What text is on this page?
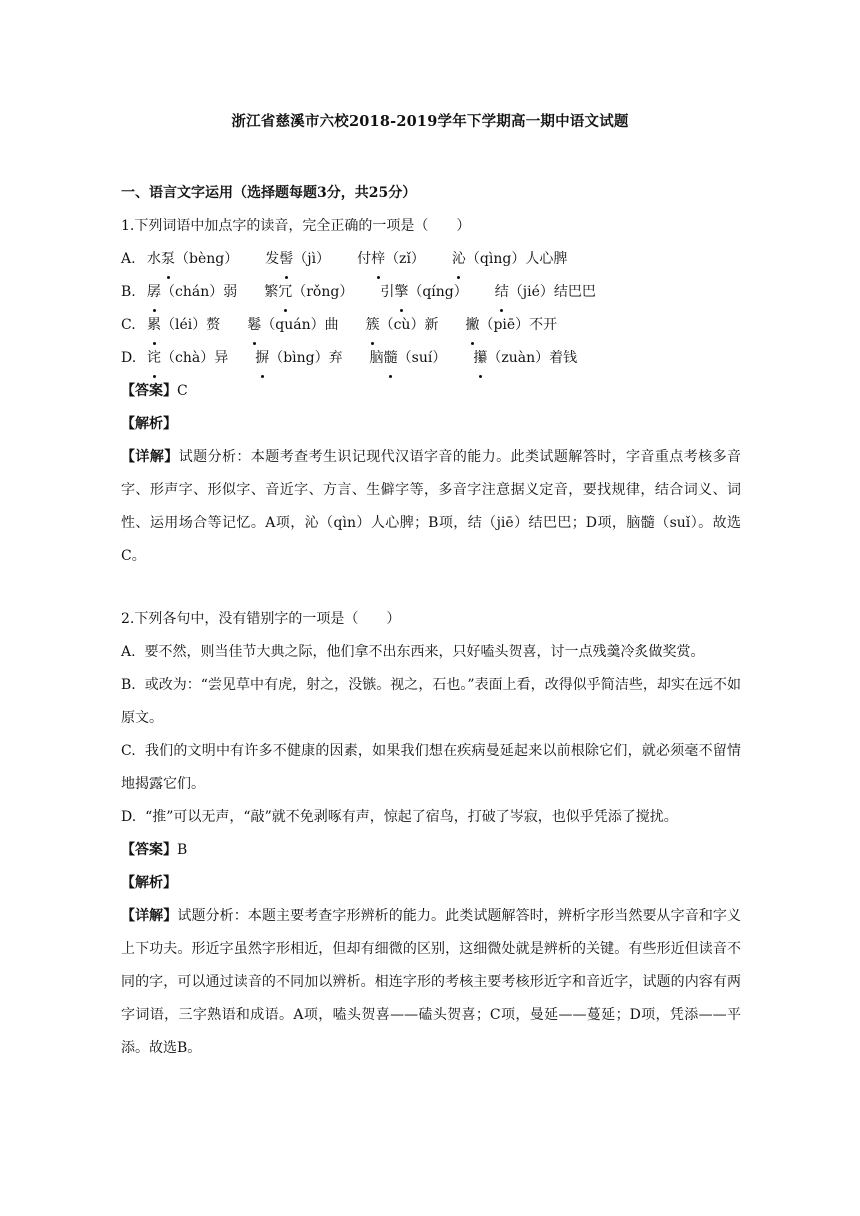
浙江省慈溪市六校2018-2019学年下学期高一期中语文试题

一、语言文字运用（选择题每题3分，共25分）

1.下列词语中加点字的读音，完全正确的一项是（　　）

A. 水泵（bèng） 发髻（jì） 付梓（zǐ） 沁（qìng）人心脾
B. 孱（chán）弱 繁冗（rǒng） 引擎（qíng） 结（jié）结巴巴
C. 累（léi）赘 鬈（quán）曲 簇（cù）新 撇（piē）不开
D. 诧（chà）异 摒（bìng）弃 脑髓（suí） 攥（zuàn）着钱

【答案】C

【解析】

【详解】试题分析：本题考查考生识记现代汉语字音的能力。此类试题解答时，字音重点考核多音字、形声字、形似字、音近字、方言、生僻字等，多音字注意据义定音，要找规律，结合词义、词性、运用场合等记忆。A项，沁（qìn）人心脾；B项，结（jiē）结巴巴；D项，脑髓（suǐ）。故选C。

2.下列各句中，没有错别字的一项是（　　）

A. 要不然，则当佳节大典之际，他们拿不出东西来，只好嗑头贺喜，讨一点残羹冷炙做奖赏。

B. 或改为：“尝见草中有虎，射之，没镞。视之，石也。”表面上看，改得似乎简洁些，却实在远不如原文。

C. 我们的文明中有许多不健康的因素，如果我们想在疾病曼延起来以前根除它们，就必须毫不留情地揭露它们。

D. “推”可以无声，“敲”就不免剥啄有声，惊起了宿鸟，打破了岑寂，也似乎凭添了搅扰。

【答案】B

【解析】

【详解】试题分析：本题主要考查字形辨析的能力。此类试题解答时，辨析字形当然要从字音和字义上下功夫。形近字虽然字形相近，但却有细微的区别，这细微处就是辨析的关键。有些形近但读音不同的字，可以通过读音的不同加以辨析。相连字形的考核主要考核形近字和音近字，试题的内容有两字词语，三字熟语和成语。A项，嗑头贺喜——磕头贺喜；C项，曼延——蔓延；D项，凭添——平添。故选B。
